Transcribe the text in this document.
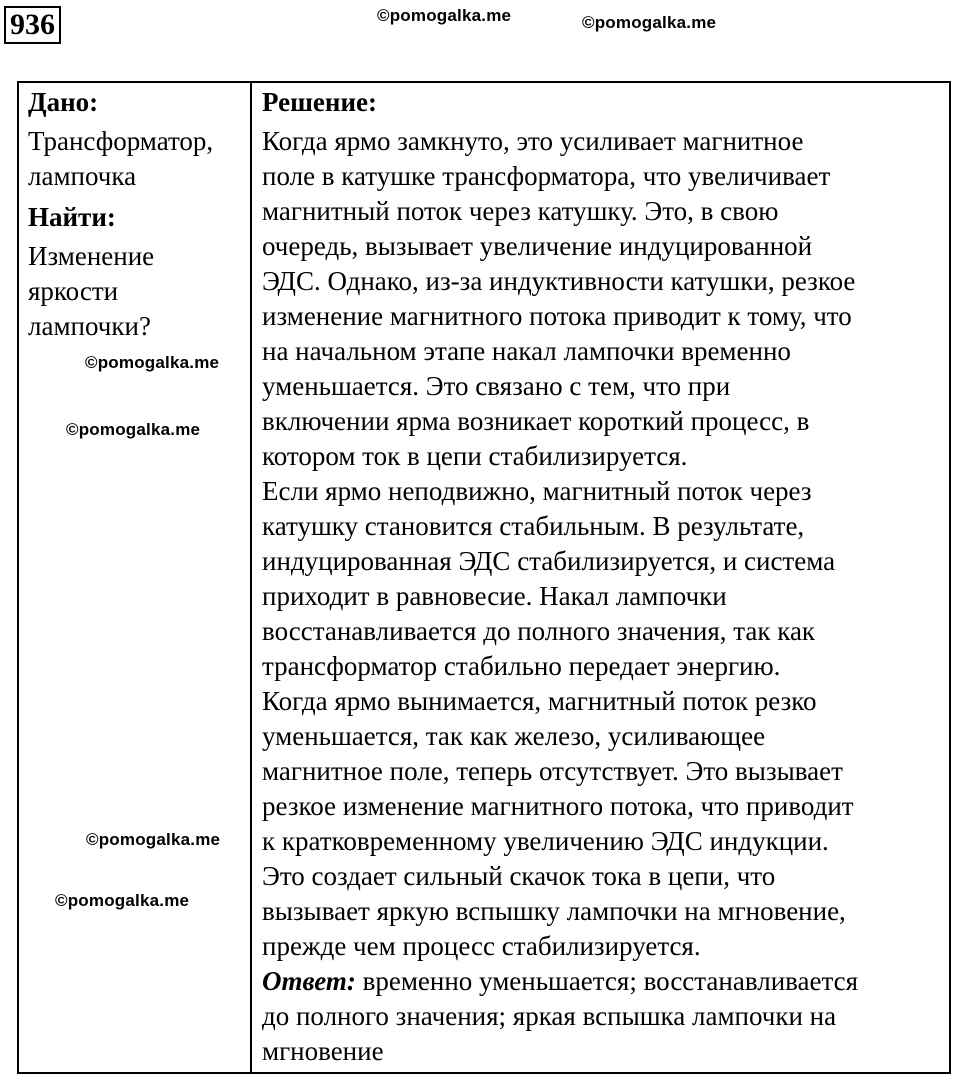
936	©pomogalka.me	©pomogalka.me

Дано:

Трансформатор,

лампочка

Найти:

Изменение

яркости

лампочки?

Решение:
Когда ярмо замкнуто, это усиливает магнитное
поле в катушке трансформатора, что увеличивает
магнитный поток через катушку. Это, в свою
очередь, вызывает увеличение индуцированной
ЭДС. Однако, из-за индуктивности катушки, резкое
изменение магнитного потока приводит к тому, что
на начальном этапе накал лампочки временно
уменьшается. Это связано с тем, что при
включении ярма возникает короткий процесс, в
котором ток в цепи стабилизируется.
Если ярмо неподвижно, магнитный поток через
катушку становится стабильным. В результате,
индуцированная ЭДС стабилизируется, и система
приходит в равновесие. Накал лампочки
восстанавливается до полного значения, так как
трансформатор стабильно передает энергию.
Когда ярмо вынимается, магнитный поток резко
уменьшается, так как железо, усиливающее
магнитное поле, теперь отсутствует. Это вызывает
резкое изменение магнитного потока, что приводит
к кратковременному увеличению ЭДС индукции.
Это создает сильный скачок тока в цепи, что
вызывает яркую вспышку лампочки на мгновение,
прежде чем процесс стабилизируется.
Ответ: временно уменьшается; восстанавливается
до полного значения; яркая вспышка лампочки на
мгновение
©pomogalka.me
©pomogalka.me
©pomogalka.me
©pomogalka.me
